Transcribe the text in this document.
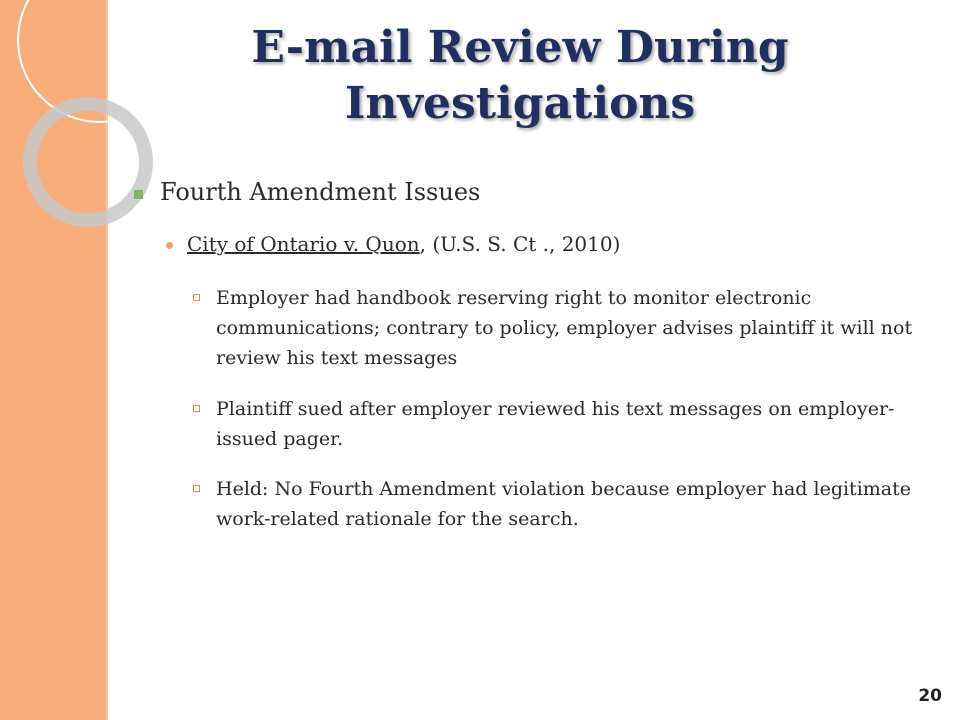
E-mail Review During
Investigations
Fourth Amendment Issues
City of Ontario v. Quon, (U.S. S. Ct ., 2010)
Employer had handbook reserving right to monitor electronic communications; contrary to policy, employer advises plaintiff it will not review his text messages
Plaintiff sued after employer reviewed his text messages on employer-issued pager.
Held: No Fourth Amendment violation because employer had legitimate work-related rationale for the search.
20
